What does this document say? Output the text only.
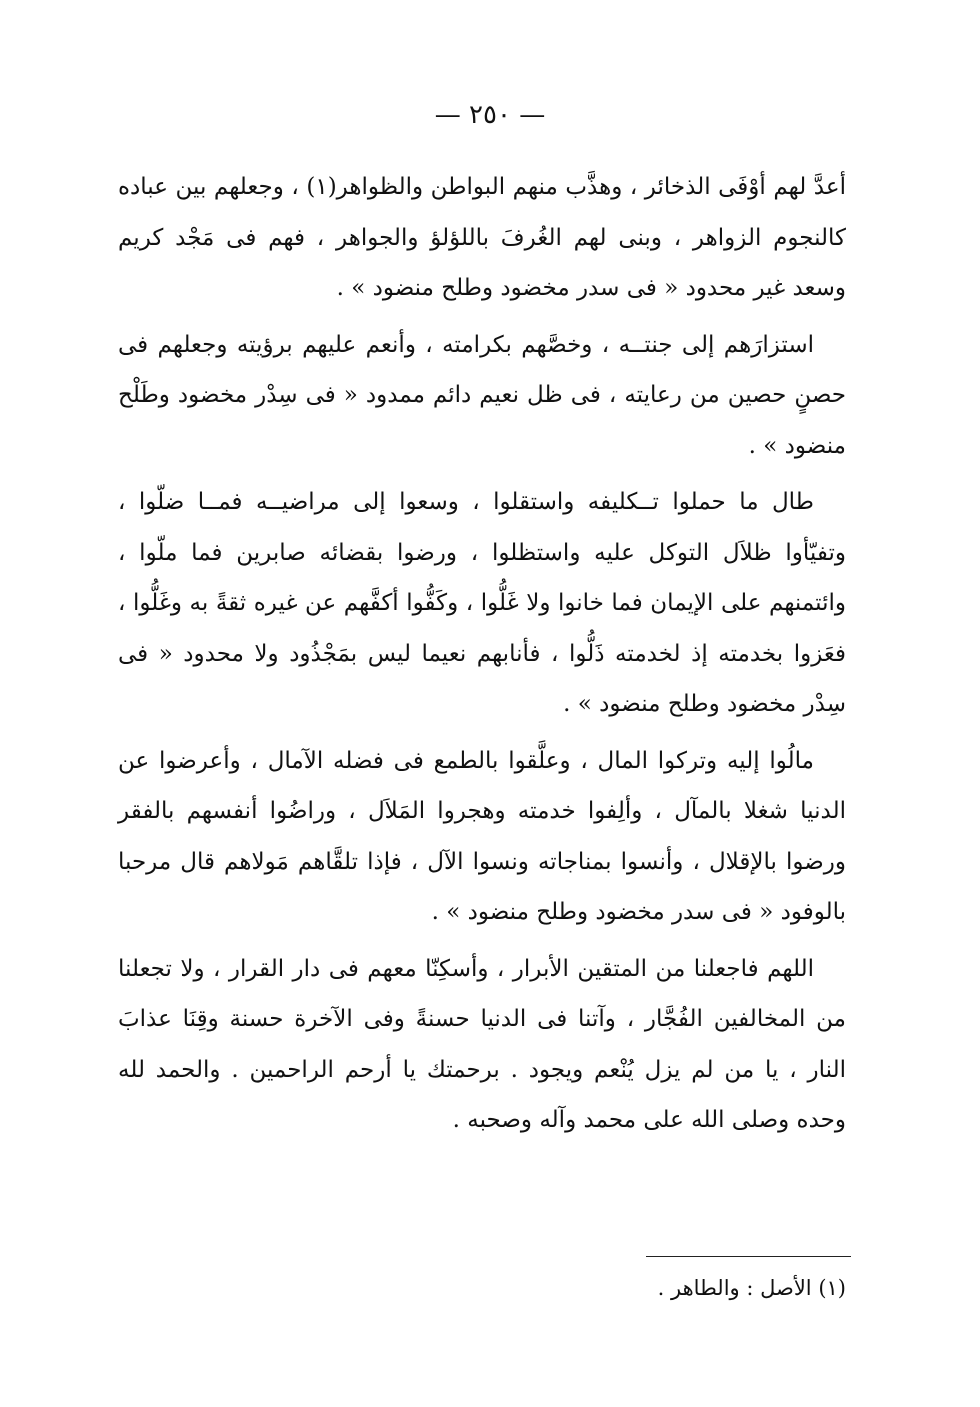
— ٢٥٠ —

أعدَّ لهم أوْفَى الذخائر ، وهذَّب منهم البواطن والظواهر(١) ، وجعلهم بين عباده كالنجوم الزواهر ، وبنى لهم الغُرفَ باللؤلؤ والجواهر ، فهم فى مَجْد كريم وسعد غير محدود « فى سدر مخضود وطلح منضود » .

استزارَهم إلى جنتــه ، وخصَّهم بكرامته ، وأنعم عليهم برؤيته وجعلهم فى حصنٍ حصين من رعايته ، فى ظل نعيم دائم ممدود « فى سِدْر مخضود وطَلْح منضود » .

طال ما حملوا تــكليفه واستقلوا ، وسعوا إلى مراضيــه فمــا ضلّوا ، وتفيّأوا ظلاَل التوكل عليه واستظلوا ، ورضوا بقضائه صابرين فما ملّوا ، وائتمنهم على الإيمان فما خانوا ولا غَلُّوا ، وكَفُّوا أكفَّهم عن غيره ثقةً به وغَلُّوا ، فعَزوا بخدمته إذ لخدمته ذَلُّوا ، فأنابهم نعيما ليس بمَجْذُود ولا محدود « فى سِدْر مخضود وطلح منضود » .

مالُوا إليه وتركوا المال ، وعلَّقوا بالطمع فى فضله الآمال ، وأعرضوا عن الدنيا شغلا بالمآل ، وألِفوا خدمته وهجروا المَلاَل ، وراضُوا أنفسهم بالفقر ورضوا بالإقلال ، وأنسوا بمناجاته ونسوا الآل ، فإذا تلقَّاهم مَولاهم قال مرحبا بالوفود « فى سدر مخضود وطلح منضود » .

اللهم فاجعلنا من المتقين الأبرار ، وأسكِنّا معهم فى دار القرار ، ولا تجعلنا من المخالفين الفُجَّار ، وآتنا فى الدنيا حسنةً وفى الآخرة حسنة وقِنَا عذابَ النار ، يا من لم يزل يُنْعم ويجود . برحمتك يا أرحم الراحمين . والحمد لله وحده وصلى الله على محمد وآله وصحبه .

(١) الأصل : والطاهر .
